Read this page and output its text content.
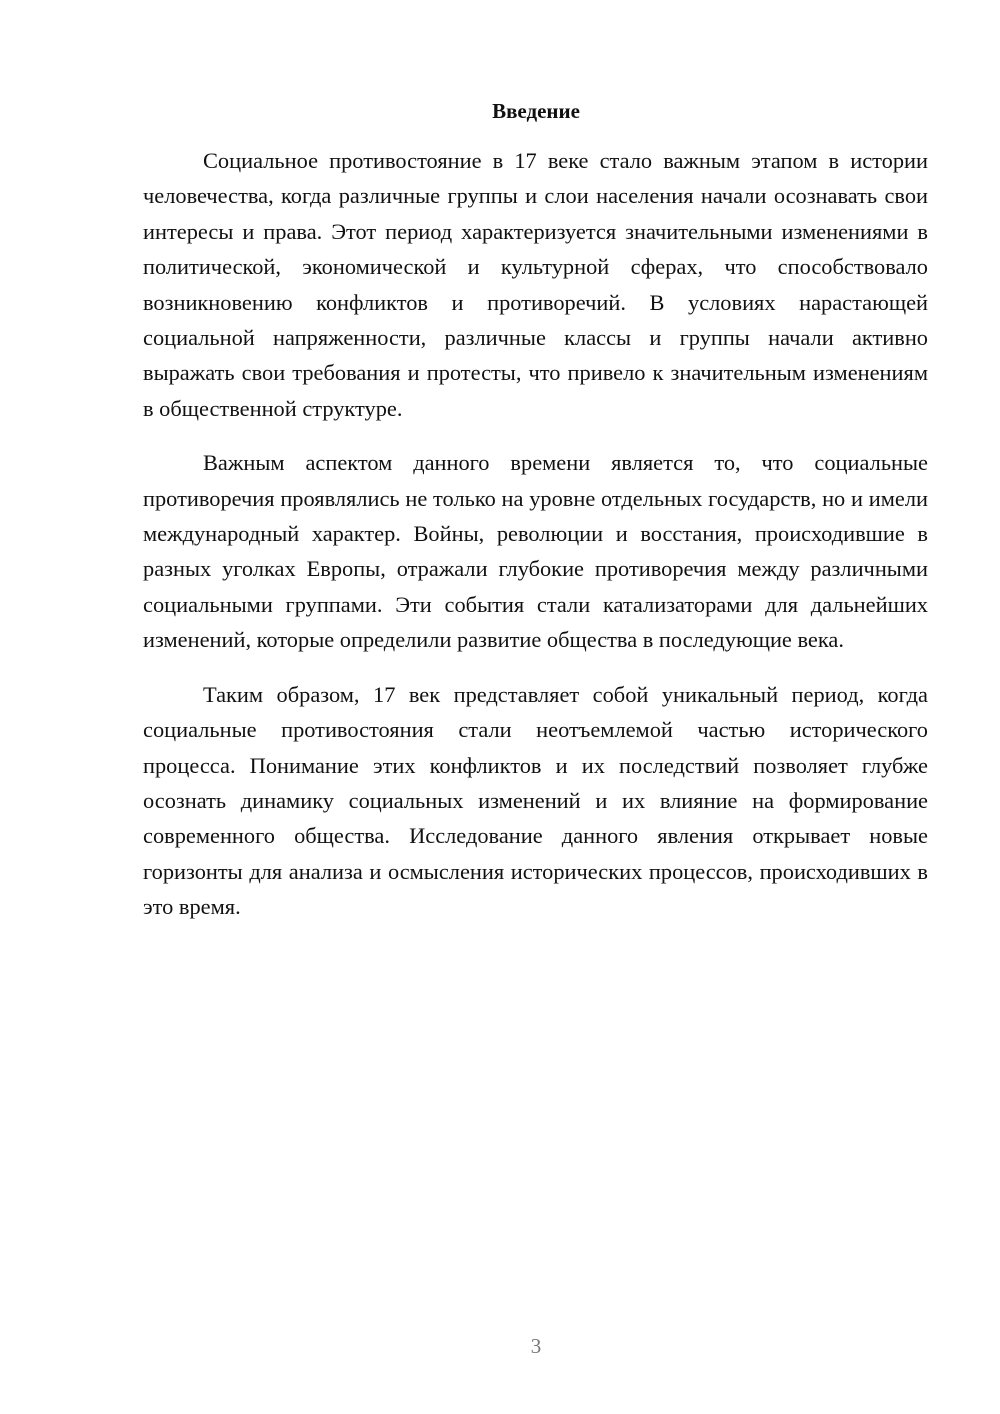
Введение

Социальное противостояние в 17 веке стало важным этапом в истории человечества, когда различные группы и слои населения начали осознавать свои интересы и права. Этот период характеризуется значительными изменениями в политической, экономической и культурной сферах, что способствовало возникновению конфликтов и противоречий. В условиях нарастающей социальной напряженности, различные классы и группы начали активно выражать свои требования и протесты, что привело к значительным изменениям в общественной структуре.

Важным аспектом данного времени является то, что социальные противоречия проявлялись не только на уровне отдельных государств, но и имели международный характер. Войны, революции и восстания, происходившие в разных уголках Европы, отражали глубокие противоречия между различными социальными группами. Эти события стали катализаторами для дальнейших изменений, которые определили развитие общества в последующие века.

Таким образом, 17 век представляет собой уникальный период, когда социальные противостояния стали неотъемлемой частью исторического процесса. Понимание этих конфликтов и их последствий позволяет глубже осознать динамику социальных изменений и их влияние на формирование современного общества. Исследование данного явления открывает новые горизонты для анализа и осмысления исторических процессов, происходивших в это время.

3
